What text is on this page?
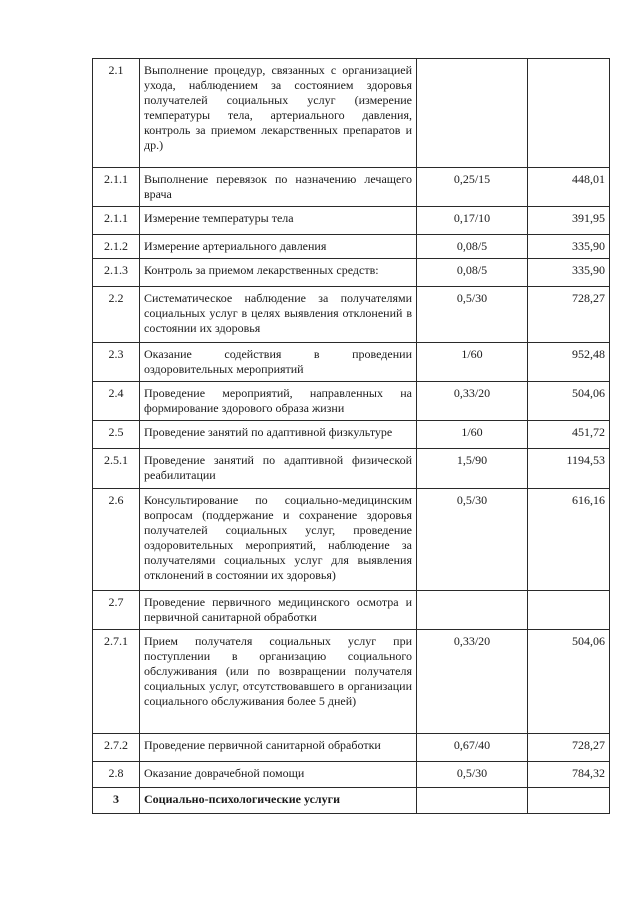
2.1	Выполнение процедур, связанных с организацией ухода, наблюдением за состоянием здоровья получателей социальных услуг (измерение температуры тела, артериального давления, контроль за приемом лекарственных препаратов и др.)		
2.1.1	Выполнение перевязок по назначению лечащего врача	0,25/15	448,01
2.1.1	Измерение температуры тела	0,17/10	391,95
2.1.2	Измерение артериального давления	0,08/5	335,90
2.1.3	Контроль за приемом лекарственных средств:	0,08/5	335,90
2.2	Систематическое наблюдение за получателями социальных услуг в целях выявления отклонений в состоянии их здоровья	0,5/30	728,27
2.3	Оказание содействия в проведении оздоровительных мероприятий	1/60	952,48
2.4	Проведение мероприятий, направленных на формирование здорового образа жизни	0,33/20	504,06
2.5	Проведение занятий по адаптивной физкультуре	1/60	451,72
2.5.1	Проведение занятий по адаптивной физической реабилитации	1,5/90	1194,53
2.6	Консультирование по социально-медицинским вопросам (поддержание и сохранение здоровья получателей социальных услуг, проведение оздоровительных мероприятий, наблюдение за получателями социальных услуг для выявления отклонений в состоянии их здоровья)	0,5/30	616,16
2.7	Проведение первичного медицинского осмотра и первичной санитарной обработки		
2.7.1	Прием получателя социальных услуг при поступлении в организацию социального обслуживания (или по возвращении получателя социальных услуг, отсутствовавшего в организации социального обслуживания более 5 дней)	0,33/20	504,06
2.7.2	Проведение первичной санитарной обработки	0,67/40	728,27
2.8	Оказание доврачебной помощи	0,5/30	784,32
3	Социально-психологические услуги		
